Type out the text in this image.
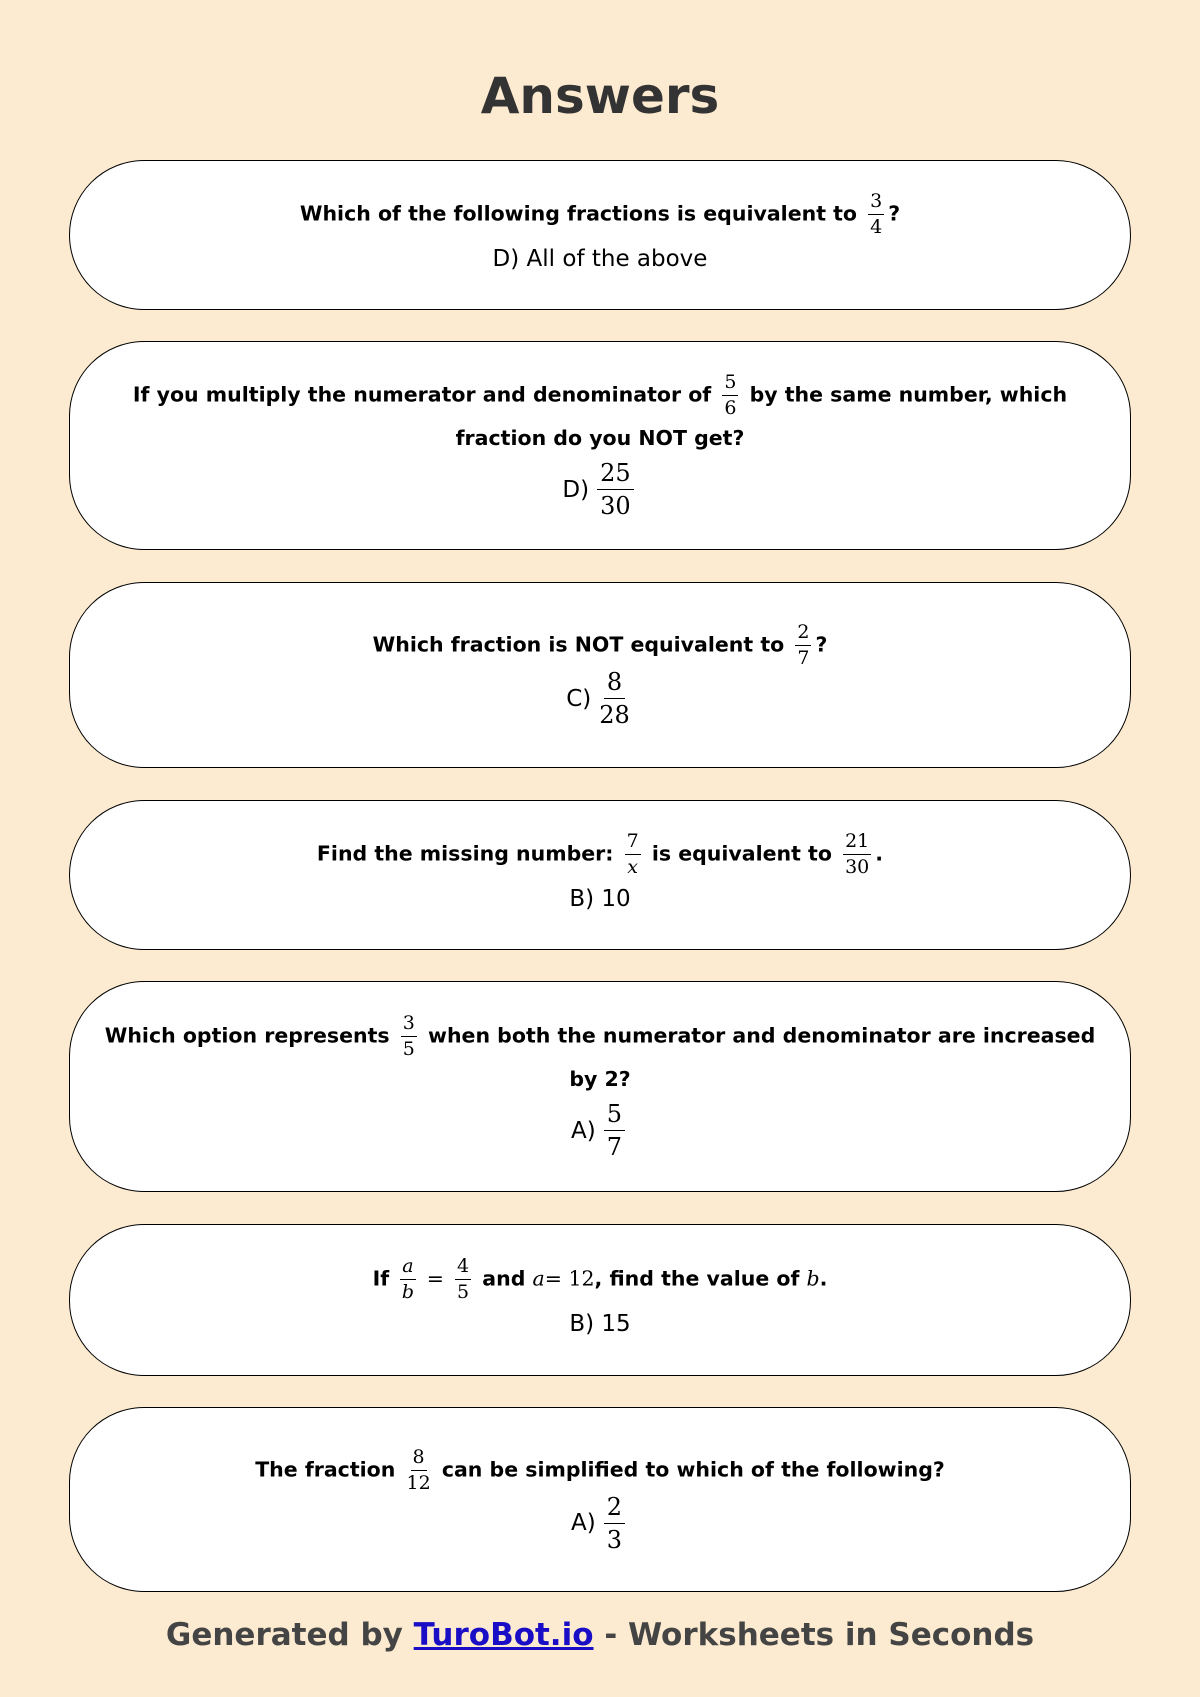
Answers
Which of the following fractions is equivalent to $\frac{3}{4}$ ?
D) All of the above
If you multiply the numerator and denominator of $\frac{5}{6}$ by the same number, which
fraction do you NOT get?
$D) \frac{25}{30}$
Which fraction is NOT equivalent to $\frac{2}{7}$ ?
$C) \frac{8}{28}$
Find the missing number: $\frac{7}{x}$ is equivalent to $\frac{21}{30}$ .
B) 10
Which option represents $\frac{3}{5}$ when both the numerator and denominator are increased
by 2?
$A) \frac{5}{7}$
If $\frac{a}{b} = \frac{4}{5}$ and a= 12, find the value of b.
B) 15
The fraction $\frac{8}{12}$ can be simplified to which of the following?
$A) \frac{2}{3}$
Generated by TuroBot.io - Worksheets in Seconds
